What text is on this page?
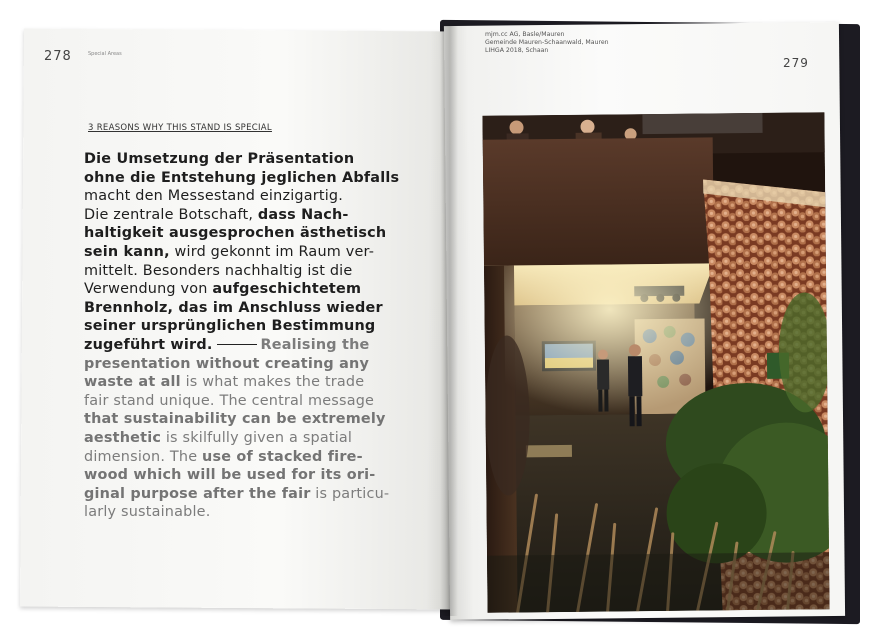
278	Special Areas
3 REASONS WHY THIS STAND IS SPECIAL
Die Umsetzung der Präsentation
ohne die Entstehung jeglichen Abfalls
macht den Messestand einzigartig.
Die zentrale Botschaft, dass Nach-
haltigkeit ausgesprochen ästhetisch
sein kann, wird gekonnt im Raum ver-
mittelt. Besonders nachhaltig ist die
Verwendung von aufgeschichtetem
Brennholz, das im Anschluss wieder
seiner ursprünglichen Bestimmung
zugeführt wird.	Realising the
presentation without creating any
waste at all is what makes the trade
fair stand unique. The central message
that sustainability can be extremely
aesthetic is skilfully given a spatial
dimension. The use of stacked fire-
wood which will be used for its ori-
ginal purpose after the fair is particu-
larly sustainable.
mjm.cc AG, Basle/Mauren
Gemeinde Mauren-Schaanwald, Mauren
LIHGA 2018, Schaan
279
